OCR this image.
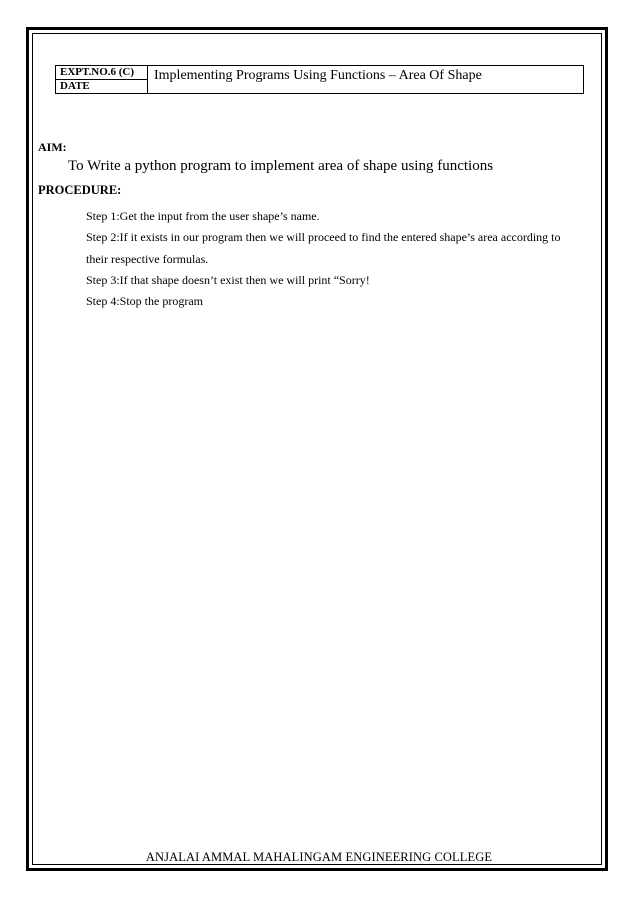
EXPT.NO.6 (C)
DATE
Implementing Programs Using Functions – Area Of Shape
AIM:
To Write a python program to implement area of shape using functions
PROCEDURE:
Step 1:Get the input from the user shape’s name.
Step 2:If it exists in our program then we will proceed to find the entered shape’s area according to
their respective formulas.
Step 3:If that shape doesn’t exist then we will print “Sorry!
Step 4:Stop the program
ANJALAI AMMAL MAHALINGAM ENGINEERING COLLEGE
